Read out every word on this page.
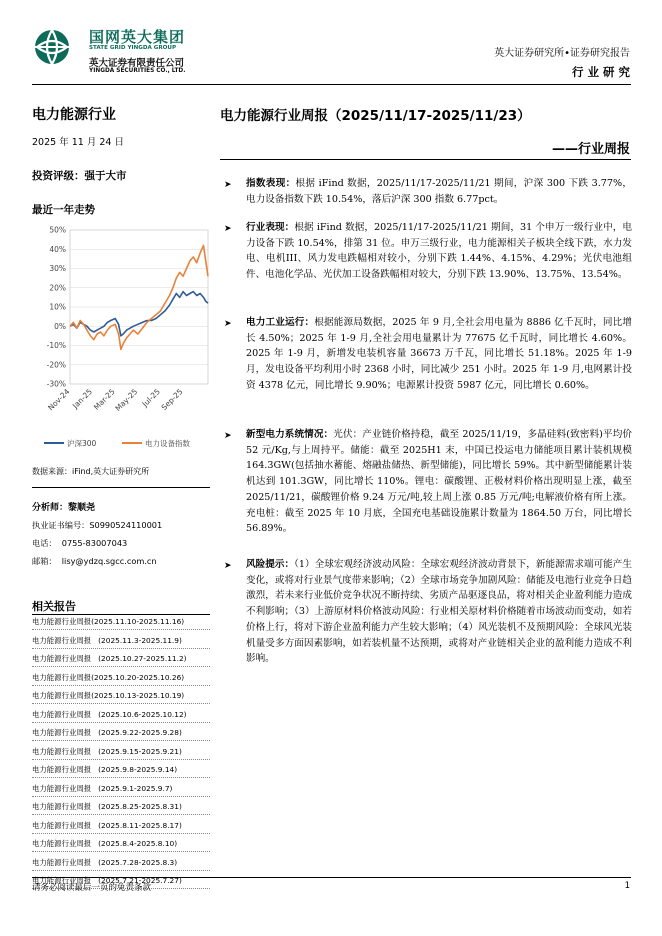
国网英大集团
STATE GRID YINGDA GROUP
英大证券有限责任公司
YINGDA SECURITIES CO., LTD.
英大证券研究所•证券研究报告
行 业 研 究
电力能源行业
2025 年 11 月 24 日
投资评级：强于大市
最近一年走势
50%
40%
30%
20%
10%
0%
-10%
-20%
-30%
Nov-24 Jan-25
Mar-25
May-25 Jul-25
Sep-25
沪深300	电力设备指数
数据来源：iFind,英大证券研究所
分析师：黎顺尧
执业证书编号：S0990524110001
电话：  0755-83007043
邮箱：  lisy@ydzq.sgcc.com.cn
相关报告
电力能源行业周报(2025.11.10-2025.11.16)
电力能源行业周报   (2025.11.3-2025.11.9)
电力能源行业周报   (2025.10.27-2025.11.2)
电力能源行业周报(2025.10.20-2025.10.26)
电力能源行业周报(2025.10.13-2025.10.19)
电力能源行业周报   (2025.10.6-2025.10.12)
电力能源行业周报   (2025.9.22-2025.9.28)
电力能源行业周报   (2025.9.15-2025.9.21)
电力能源行业周报   (2025.9.8-2025.9.14)
电力能源行业周报   (2025.9.1-2025.9.7)
电力能源行业周报   (2025.8.25-2025.8.31)
电力能源行业周报   (2025.8.11-2025.8.17)
电力能源行业周报   (2025.8.4-2025.8.10)
电力能源行业周报   (2025.7.28-2025.8.3)
电力能源行业周报   (2025.7.21-2025.7.27)
电力能源行业周报（2025/11/17-2025/11/23）
——行业周报
➤	指数表现：根据 iFind 数据，2025/11/17-2025/11/21 期间，沪深 300 下跌 3.77%，电力设备指数下跌 10.54%，落后沪深 300 指数 6.77pct。
➤	行业表现：根据 iFind 数据，2025/11/17-2025/11/21 期间，31 个申万一级行业中，电力设备下跌 10.54%，排第 31 位。申万三级行业，电力能源相关子板块全线下跌，水力发电、电机III、风力发电跌幅相对较小，分别下跌 1.44%、4.15%、4.29%；光伏电池组件、电池化学品、光伏加工设备跌幅相对较大，分别下跌 13.90%、13.75%、13.54%。
➤	电力工业运行：根据能源局数据，2025 年 9 月,全社会用电量为 8886 亿千瓦时，同比增长 4.50%；2025 年 1-9 月,全社会用电量累计为 77675 亿千瓦时，同比增长 4.60%。2025 年 1-9 月，新增发电装机容量 36673 万千瓦，同比增长 51.18%。2025 年 1-9 月，发电设备平均利用小时 2368 小时，同比减少 251 小时。2025 年 1-9 月,电网累计投资 4378 亿元，同比增长 9.90%；电源累计投资 5987 亿元，同比增长 0.60%。
➤	新型电力系统情况：光伏：产业链价格持稳，截至 2025/11/19，多晶硅料(致密料)平均价 52 元/Kg,与上周持平。储能：截至 2025H1 末，中国已投运电力储能项目累计装机规模 164.3GW(包括抽水蓄能、熔融盐储热、新型储能)，同比增长 59%。其中新型储能累计装机达到 101.3GW，同比增长 110%。锂电：碳酸锂、正极材料价格出现明显上涨，截至 2025/11/21，碳酸锂价格 9.24 万元/吨,较上周上涨 0.85 万元/吨;电解液价格有所上涨。充电桩：截至 2025 年 10 月底，全国充电基础设施累计数量为 1864.50 万台，同比增长 56.89%。
➤	风险提示：（1）全球宏观经济波动风险：全球宏观经济波动背景下，新能源需求端可能产生变化，或将对行业景气度带来影响；（2）全球市场竞争加剧风险：储能及电池行业竞争日趋激烈，若未来行业低价竞争状况不断持续、劣质产品驱逐良品，将对相关企业盈利能力造成不利影响；（3）上游原材料价格波动风险：行业相关原材料价格随着市场波动而变动，如若价格上行，将对下游企业盈利能力产生较大影响；（4）风光装机不及预期风险：全球风光装机量受多方面因素影响，如若装机量不达预期，或将对产业链相关企业的盈利能力造成不利影响。
请务必阅读最后一页的免责条款	1
